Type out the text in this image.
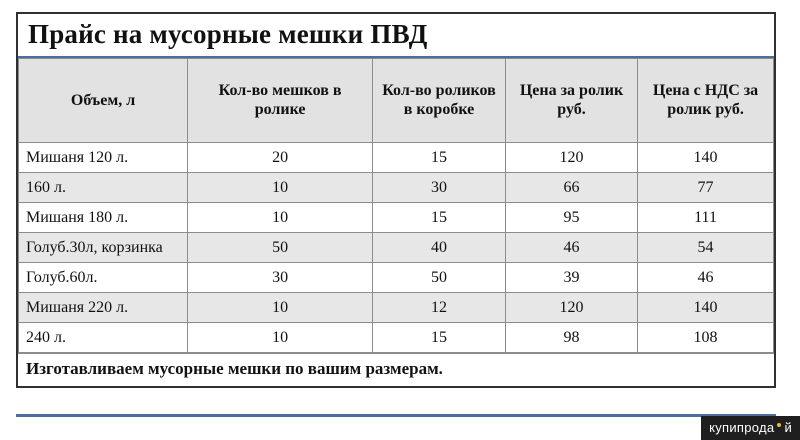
Прайс на мусорные мешки ПВД
Объем, л	Кол-во мешков в ролике	Кол-во роликов в коробке	Цена за ролик руб.	Цена с НДС за ролик руб.
Мишаня 120 л.	20	15	120	140
160 л.	10	30	66	77
Мишаня 180 л.	10	15	95	111
Голуб.30л, корзинка	50	40	46	54
Голуб.60л.	30	50	39	46
Мишаня 220 л.	10	12	120	140
240 л.	10	15	98	108
Изготавливаем мусорные мешки по вашим размерам.
купипрода й
